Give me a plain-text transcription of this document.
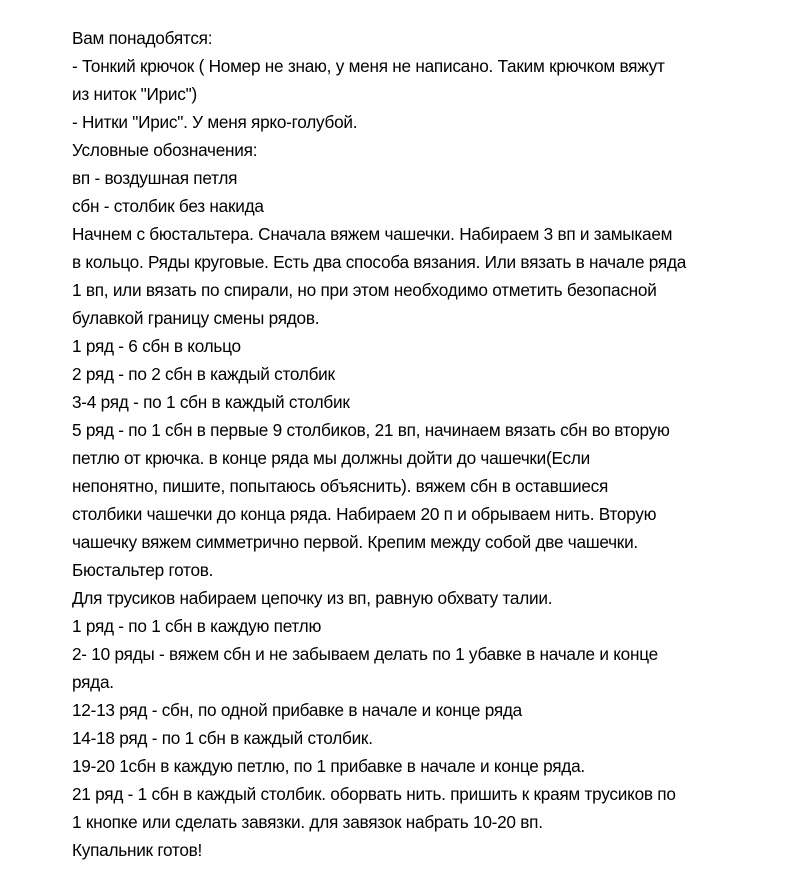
Вам понадобятся:
- Тонкий крючок ( Номер не знаю, у меня не написано. Таким крючком вяжут
из ниток "Ирис")
- Нитки "Ирис". У меня ярко-голубой.
Условные обозначения:
вп - воздушная петля
сбн - столбик без накида
Начнем с бюстальтера. Сначала вяжем чашечки. Набираем 3 вп и замыкаем
в кольцо. Ряды круговые. Есть два способа вязания. Или вязать в начале ряда
1 вп, или вязать по спирали, но при этом необходимо отметить безопасной
булавкой границу смены рядов.
1 ряд - 6 сбн в кольцо
2 ряд - по 2 сбн в каждый столбик
3-4 ряд - по 1 сбн в каждый столбик
5 ряд - по 1 сбн в первые 9 столбиков, 21 вп, начинаем вязать сбн во вторую
петлю от крючка. в конце ряда мы должны дойти до чашечки(Если
непонятно, пишите, попытаюсь объяснить). вяжем сбн в оставшиеся
столбики чашечки до конца ряда. Набираем 20 п и обрываем нить. Вторую
чашечку вяжем симметрично первой. Крепим между собой две чашечки.
Бюстальтер готов.
Для трусиков набираем цепочку из вп, равную обхвату талии.
1 ряд - по 1 сбн в каждую петлю
2- 10 ряды - вяжем сбн и не забываем делать по 1 убавке в начале и конце
ряда.
12-13 ряд - сбн, по одной прибавке в начале и конце ряда
14-18 ряд - по 1 сбн в каждый столбик.
19-20 1сбн в каждую петлю, по 1 прибавке в начале и конце ряда.
21 ряд - 1 сбн в каждый столбик. оборвать нить. пришить к краям трусиков по
1 кнопке или сделать завязки. для завязок набрать 10-20 вп.
Купальник готов!
